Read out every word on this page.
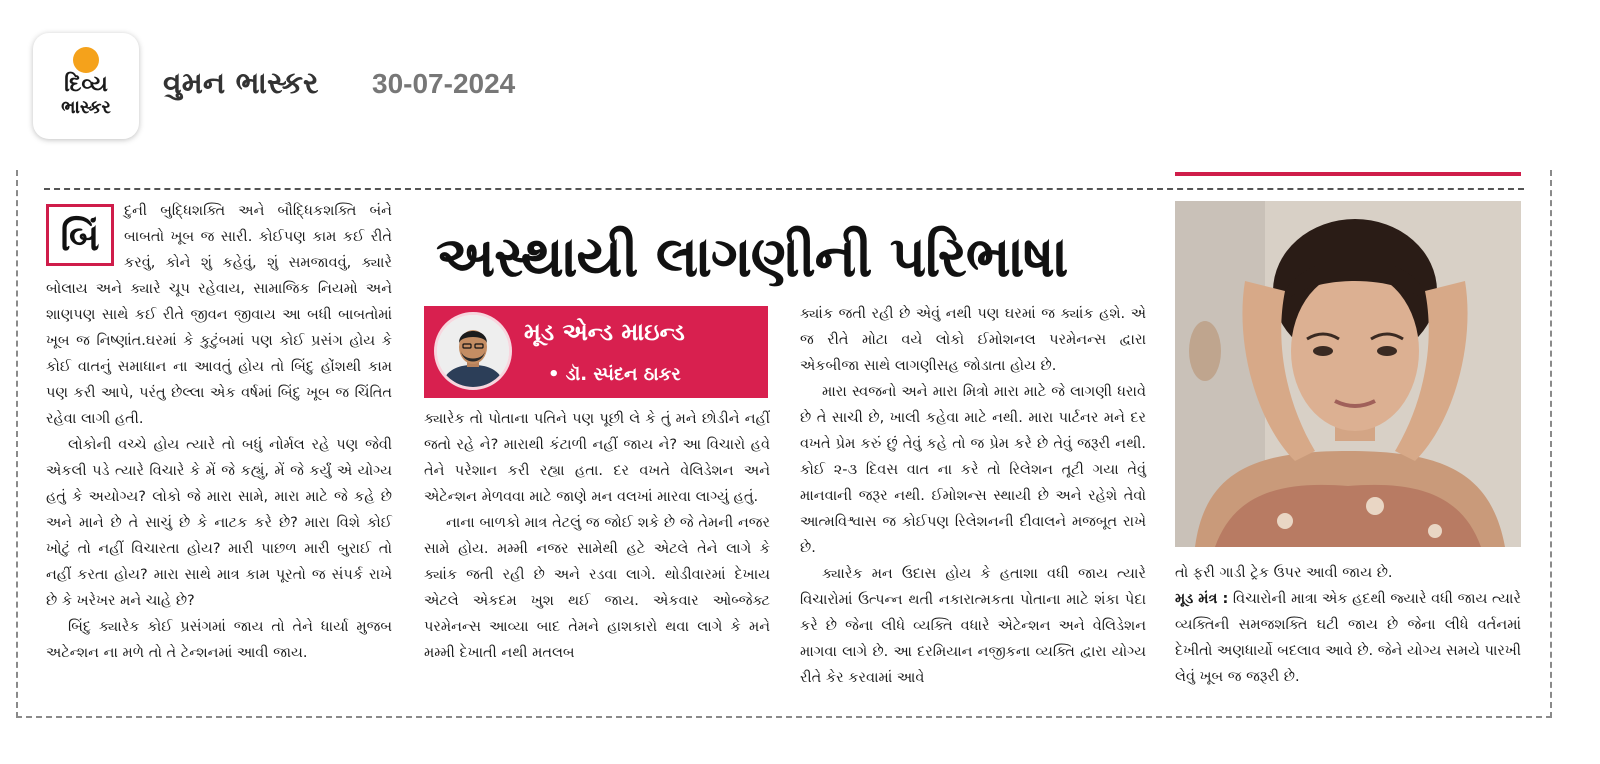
દિવ્ય
ભાસ્કર
વુમન ભાસ્કર 30-07-2024
બિં

દુની બુદ્ધિશક્તિ અને બૌદ્ધિકશક્તિ બંને બાબતો ખૂબ જ સારી. કોઈપણ કામ કઈ રીતે કરવું, કોને શું કહેવું, શું સમજાવવું, ક્યારે બોલાય અને ક્યારે ચૂપ રહેવાય, સામાજિક નિયમો અને શાણપણ સાથે કઈ રીતે જીવન જીવાય આ બધી બાબતોમાં ખૂબ જ નિષ્ણાંત.ઘરમાં કે કુટુંબમાં પણ કોઈ પ્રસંગ હોય કે કોઈ વાતનું સમાધાન ના આવતું હોય તો બિંદુ હોંશથી કામ પણ કરી આપે, પરંતુ છેલ્લા એક વર્ષમાં બિંદુ ખૂબ જ ચિંતિત રહેવા લાગી હતી.

લોકોની વચ્ચે હોય ત્યારે તો બધું નોર્મલ રહે પણ જેવી એકલી પડે ત્યારે વિચારે કે મેં જે કહ્યું, મેં જે કર્યું એ યોગ્ય હતું કે અયોગ્ય? લોકો જે મારા સામે, મારા માટે જે કહે છે અને માને છે તે સાચું છે કે નાટક કરે છે? મારા વિશે કોઈ ખોટું તો નહીં વિચારતા હોય? મારી પાછળ મારી બુરાઈ તો નહીં કરતા હોય? મારા સાથે માત્ર કામ પૂરતો જ સંપર્ક રાખે છે કે ખરેખર મને ચાહે છે?

બિંદુ ક્યારેક કોઈ પ્રસંગમાં જાય તો તેને ધાર્યા મુજબ અટેન્શન ના મળે તો તે ટેન્શનમાં આવી જાય.

અસ્થાયી લાગણીની પરિભાષા
મૂડ એન્ડ માઇન્ડ
• ડૉ. સ્પંદન ઠાકર

ક્યારેક તો પોતાના પતિને પણ પૂછી લે કે તું મને છોડીને નહીં જતો રહે ને? મારાથી કંટાળી નહીં જાય ને? આ વિચારો હવે તેને પરેશાન કરી રહ્યા હતા. દર વખતે વેલિડેશન અને એટેન્શન મેળવવા માટે જાણે મન વલખાં મારવા લાગ્યું હતું.

નાના બાળકો માત્ર તેટલું જ જોઈ શકે છે જે તેમની નજર સામે હોય. મમ્મી નજર સામેથી હટે એટલે તેને લાગે કે ક્યાંક જતી રહી છે અને રડવા લાગે. થોડીવારમાં દેખાય એટલે એકદમ ખુશ થઈ જાય. એકવાર ઓબ્જેક્ટ પરમેનન્સ આવ્યા બાદ તેમને હાશકારો થવા લાગે કે મને મમ્મી દેખાતી નથી મતલબ

ક્યાંક જતી રહી છે એવું નથી પણ ઘરમાં જ ક્યાંક હશે. એ જ રીતે મોટા વયે લોકો ઈમોશનલ પરમેનન્સ દ્વારા એકબીજા સાથે લાગણીસહ જોડાતા હોય છે.

મારા સ્વજનો અને મારા મિત્રો મારા માટે જે લાગણી ધરાવે છે તે સાચી છે, ખાલી કહેવા માટે નથી. મારા પાર્ટનર મને દર વખતે પ્રેમ કરું છું તેવું કહે તો જ પ્રેમ કરે છે તેવું જરૂરી નથી. કોઈ ૨-૩ દિવસ વાત ના કરે તો રિલેશન તૂટી ગયા તેવું માનવાની જરૂર નથી. ઈમોશન્સ સ્થાયી છે અને રહેશે તેવો આત્મવિશ્વાસ જ કોઈપણ રિલેશનની દીવાલને મજબૂત રાખે છે.

ક્યારેક મન ઉદાસ હોય કે હતાશા વધી જાય ત્યારે વિચારોમાં ઉત્પન્ન થતી નકારાત્મકતા પોતાના માટે શંકા પેદા કરે છે જેના લીધે વ્યક્તિ વધારે એટેન્શન અને વેલિડેશન માગવા લાગે છે. આ દરમિયાન નજીકના વ્યક્તિ દ્વારા યોગ્ય રીતે કેર કરવામાં આવે

તો ફરી ગાડી ટ્રેક ઉપર આવી જાય છે.

મૂડ મંત્ર : વિચારોની માત્રા એક હદથી જ્યારે વધી જાય ત્યારે વ્યક્તિની સમજશક્તિ ઘટી જાય છે જેના લીધે વર્તનમાં દેખીતો અણધાર્યો બદલાવ આવે છે. જેને યોગ્ય સમયે પારખી લેવું ખૂબ જ જરૂરી છે.
